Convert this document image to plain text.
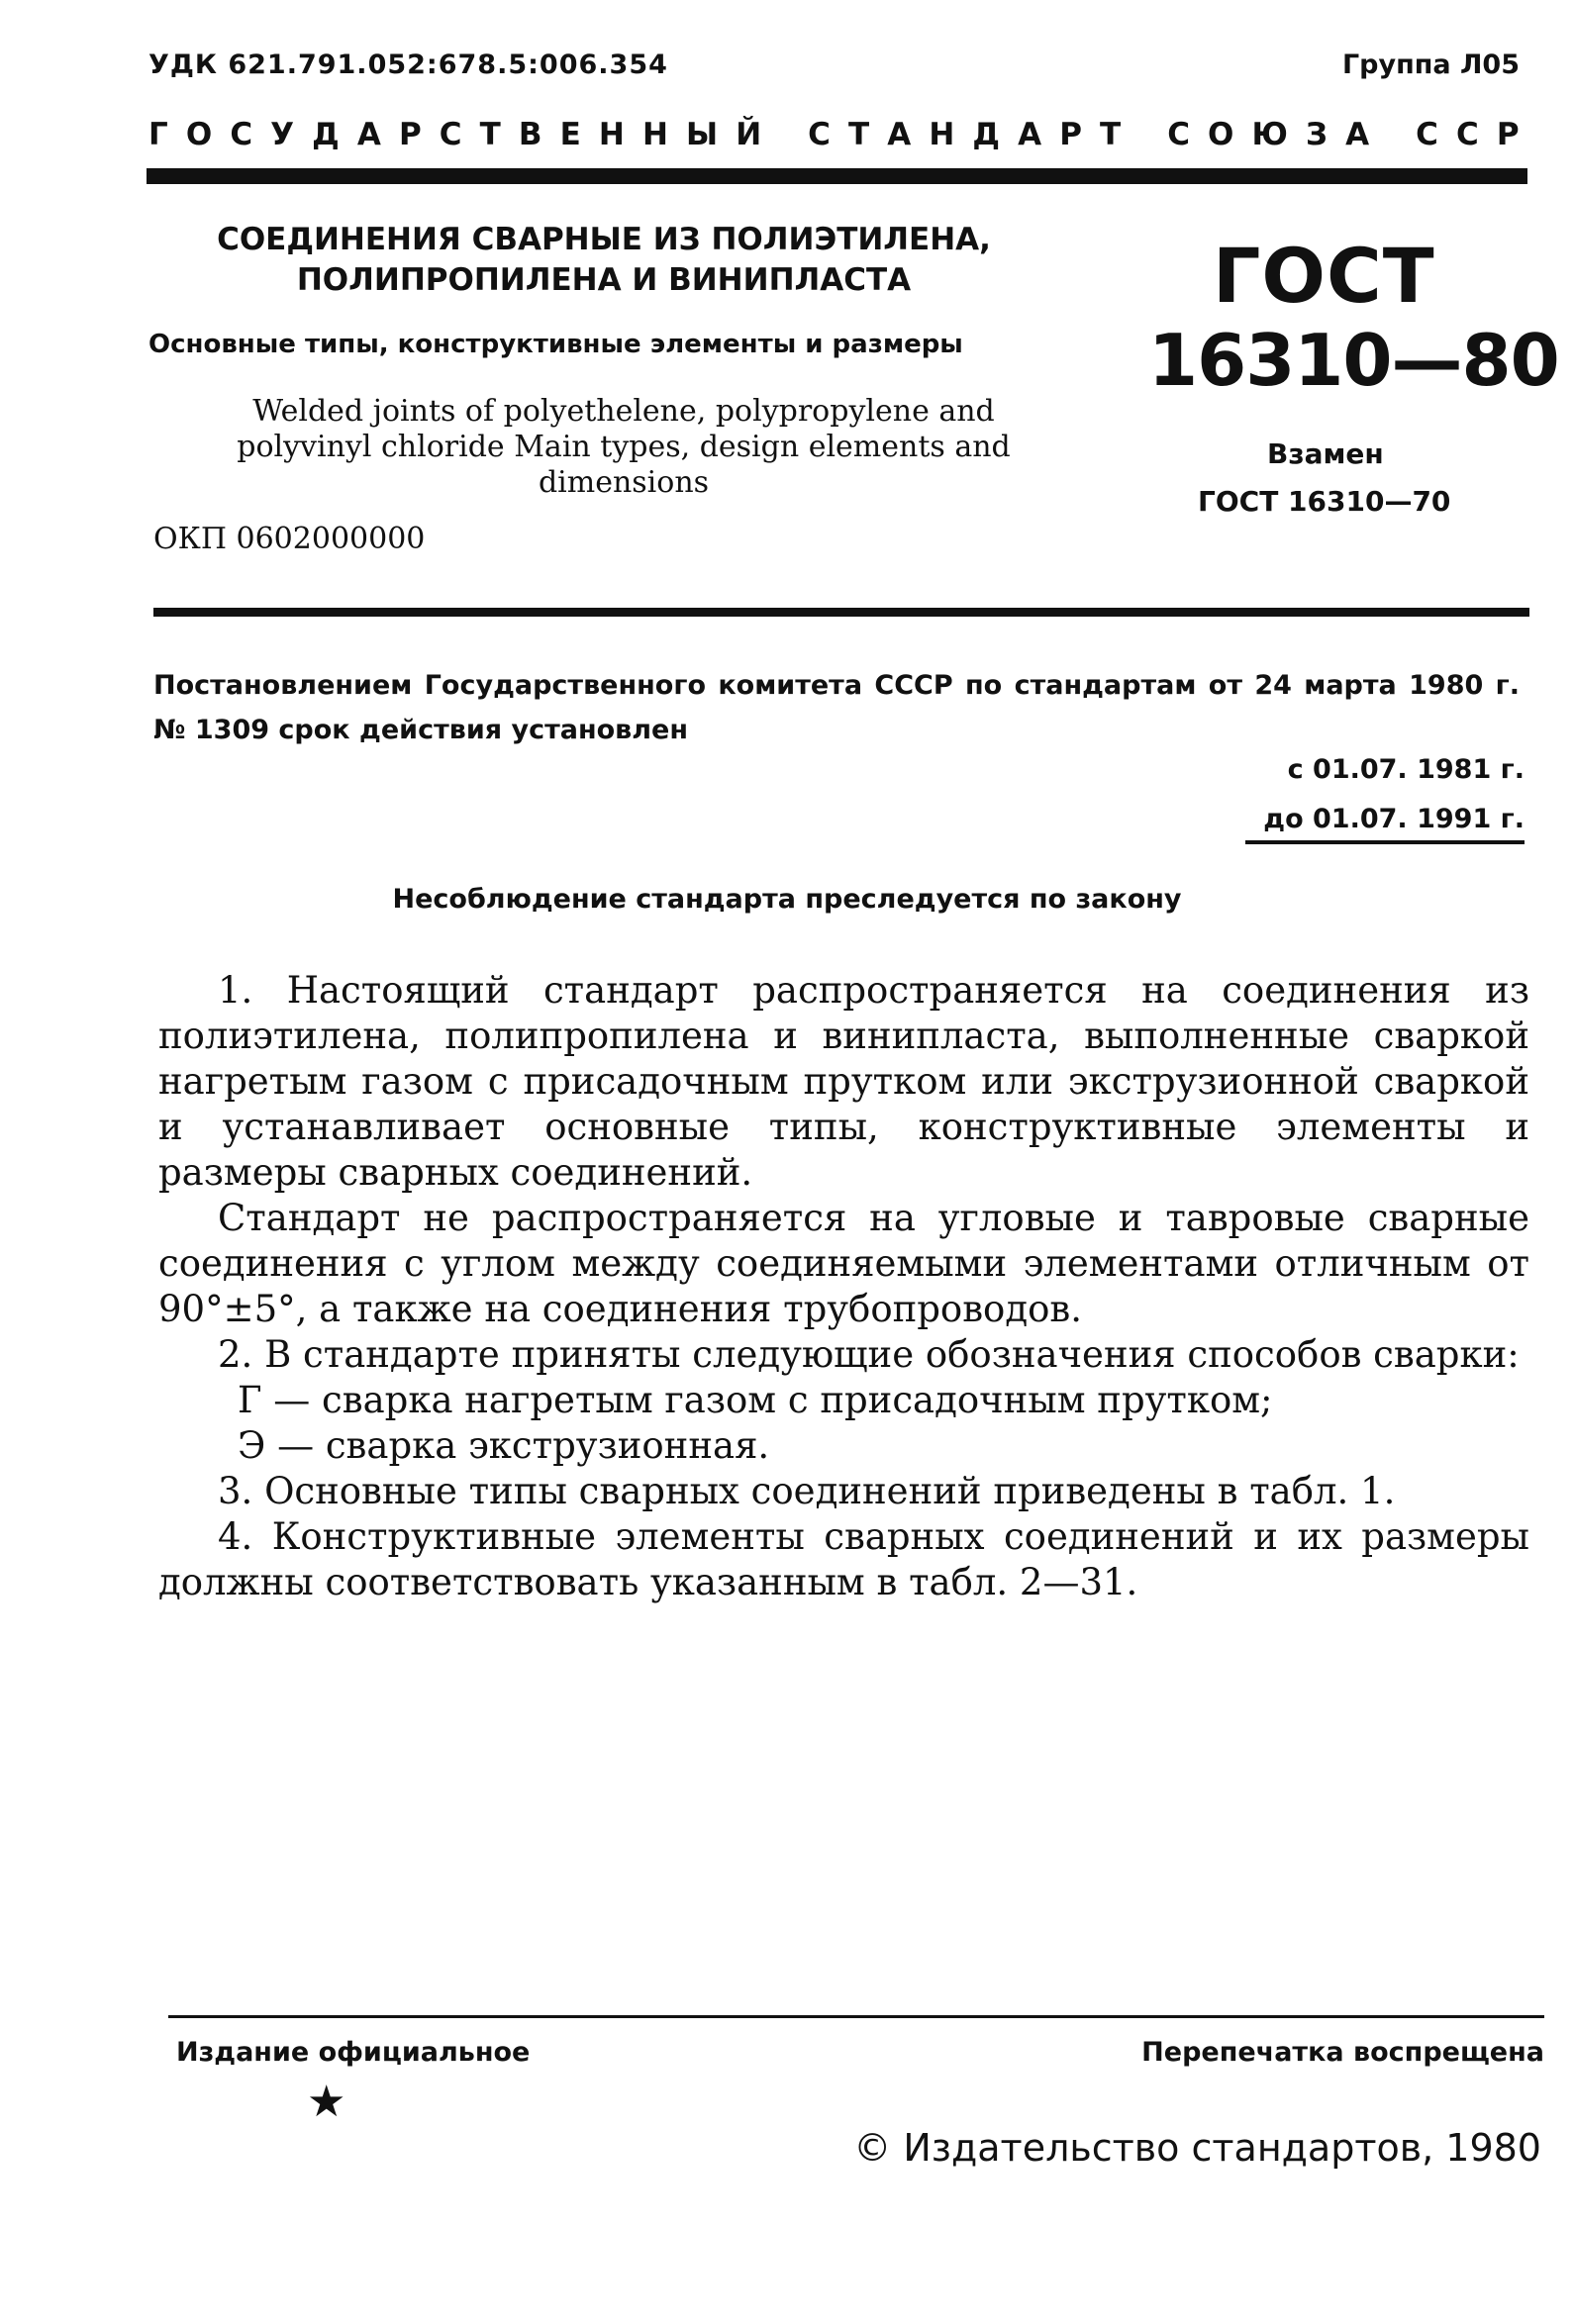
УДК 621.791.052:678.5:006.354	Группа Л05
Г О С У Д А Р С Т В Е Н Н Ы Й
С Т А Н Д А Р Т
С О Ю З А
С С Р
СОЕДИНЕНИЯ СВАРНЫЕ ИЗ ПОЛИЭТИЛЕНА,
ПОЛИПРОПИЛЕНА И ВИНИПЛАСТА
Основные типы, конструктивные элементы и размеры
Welded joints of polyethelene, polypropylene and
polyvinyl chloride Main types, design elements and
dimensions
ОКП 0602000000
ГОСТ
16310—80
Взамен
ГОСТ 16310—70
Постановлением Государственного комитета СССР по стандартам от 24 марта 1980 г. № 1309 срок действия установлен
с 01.07. 1981 г.
до 01.07. 1991 г.
Несоблюдение стандарта преследуется по закону

1. Настоящий стандарт распространяется на соединения из полиэтилена, полипропилена и винипласта, выполненные сваркой нагретым газом с присадочным прутком или экструзионной сваркой и устанавливает основные типы, конструктивные элементы и размеры сварных соединений.

Стандарт не распространяется на угловые и тавровые сварные соединения с углом между соединяемыми элементами отличным от 90°±5°, а также на соединения трубопроводов.

2. В стандарте приняты следующие обозначения способов сварки:

Г — сварка нагретым газом с присадочным прутком;

Э — сварка экструзионная.

3. Основные типы сварных соединений приведены в табл. 1.

4. Конструктивные элементы сварных соединений и их размеры должны соответствовать указанным в табл. 2—31.

Издание официальное
★
Перепечатка воспрещена
© Издательство стандартов, 1980
